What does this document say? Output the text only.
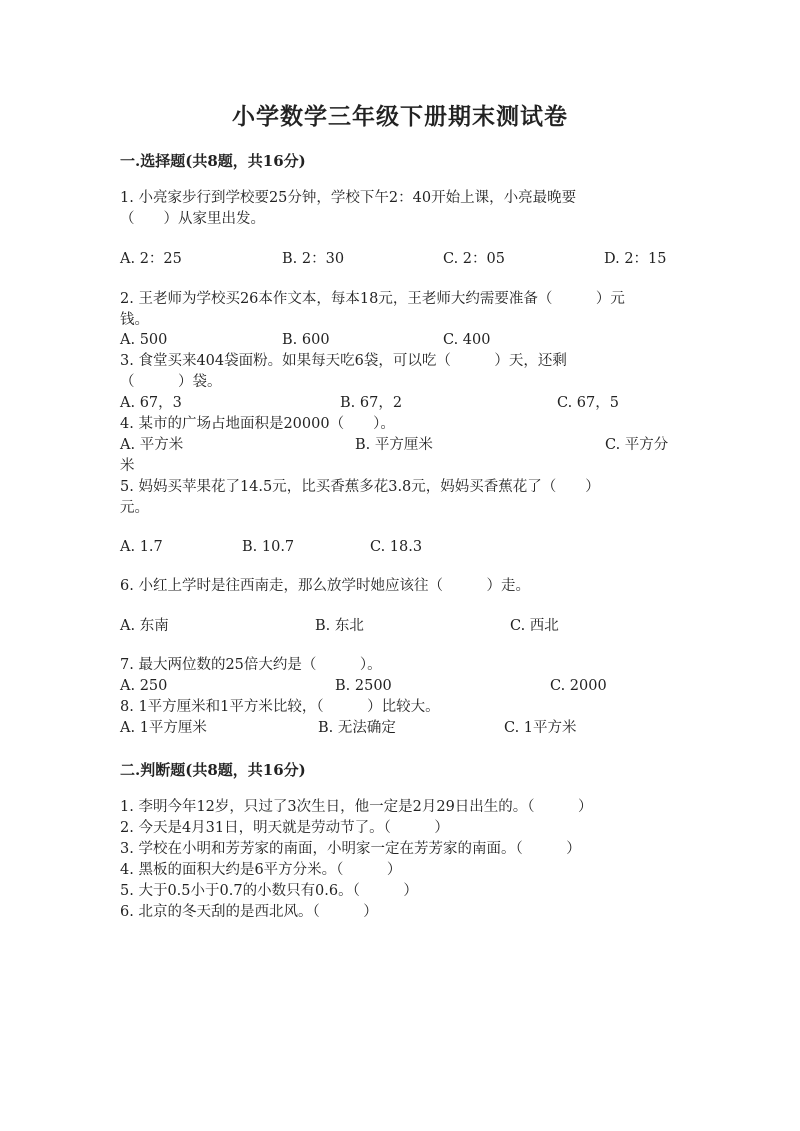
小学数学三年级下册期末测试卷
一.选择题(共8题，共16分)
1. 小亮家步行到学校要25分钟，学校下午2：40开始上课，小亮最晚要
（　　）从家里出发。
A. 2：25	B. 2：30	C. 2：05	D. 2：15
2. 王老师为学校买26本作文本，每本18元，王老师大约需要准备（　　　）元
钱。
A. 500	B. 600	C. 400
3. 食堂买来404袋面粉。如果每天吃6袋，可以吃（　　　）天，还剩
（　　　）袋。
A. 67，3	B. 67，2	C. 67，5
4. 某市的广场占地面积是20000（　　）。
A. 平方米	B. 平方厘米	C. 平方分
米
5. 妈妈买苹果花了14.5元，比买香蕉多花3.8元，妈妈买香蕉花了（　　）
元。
A. 1.7	B. 10.7	C. 18.3
6. 小红上学时是往西南走，那么放学时她应该往（　　　）走。
A. 东南	B. 东北	C. 西北
7. 最大两位数的25倍大约是（　　　）。
A. 250	B. 2500	C. 2000
8. 1平方厘米和1平方米比较，（　　　）比较大。
A. 1平方厘米	B. 无法确定	C. 1平方米
二.判断题(共8题，共16分)
1. 李明今年12岁，只过了3次生日，他一定是2月29日出生的。（　　　）
2. 今天是4月31日，明天就是劳动节了。（　　　）
3. 学校在小明和芳芳家的南面，小明家一定在芳芳家的南面。（　　　）
4. 黑板的面积大约是6平方分米。（　　　）
5. 大于0.5小于0.7的小数只有0.6。（　　　）
6. 北京的冬天刮的是西北风。（　　　）
